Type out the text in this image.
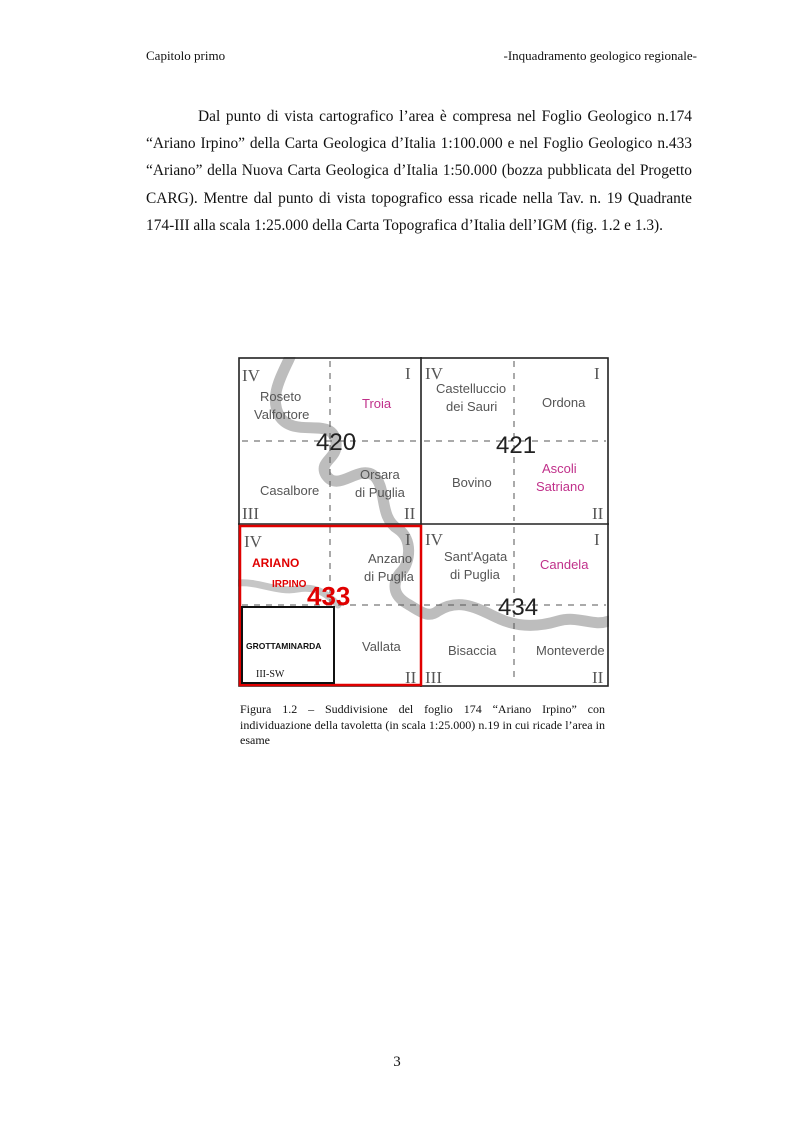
Capitolo primo	-Inquadramento geologico regionale-

Dal punto di vista cartografico l’area è compresa nel Foglio Geologico n.174 “Ariano Irpino” della Carta Geologica d’Italia 1:100.000 e nel Foglio Geologico n.433 “Ariano” della Nuova Carta Geologica d’Italia 1:50.000 (bozza pubblicata del Progetto CARG). Mentre dal punto di vista topografico essa ricade nella Tav. n. 19 Quadrante 174-III alla scala 1:25.000 della Carta Topografica d’Italia dell’IGM (fig. 1.2 e 1.3).

IV	I
III	II
IV	I
II
IV	I
II
IV	I
III	II
420	421
434
433
Roseto
Valfortore
Casalbore
Orsara
di Puglia
Castelluccio
dei Sauri	Ordona
Bovino
Anzano
di Puglia
Vallata
Sant'Agata
di Puglia
Bisaccia	Monteverde
Troia
Ascoli
Satriano
Candela
ARIANO
IRPINO
GROTTAMINARDA
III-SW

Figura 1.2 – Suddivisione del foglio 174 “Ariano Irpino” con individuazione della tavoletta (in scala 1:25.000) n.19 in cui ricade l’area in esame

3
